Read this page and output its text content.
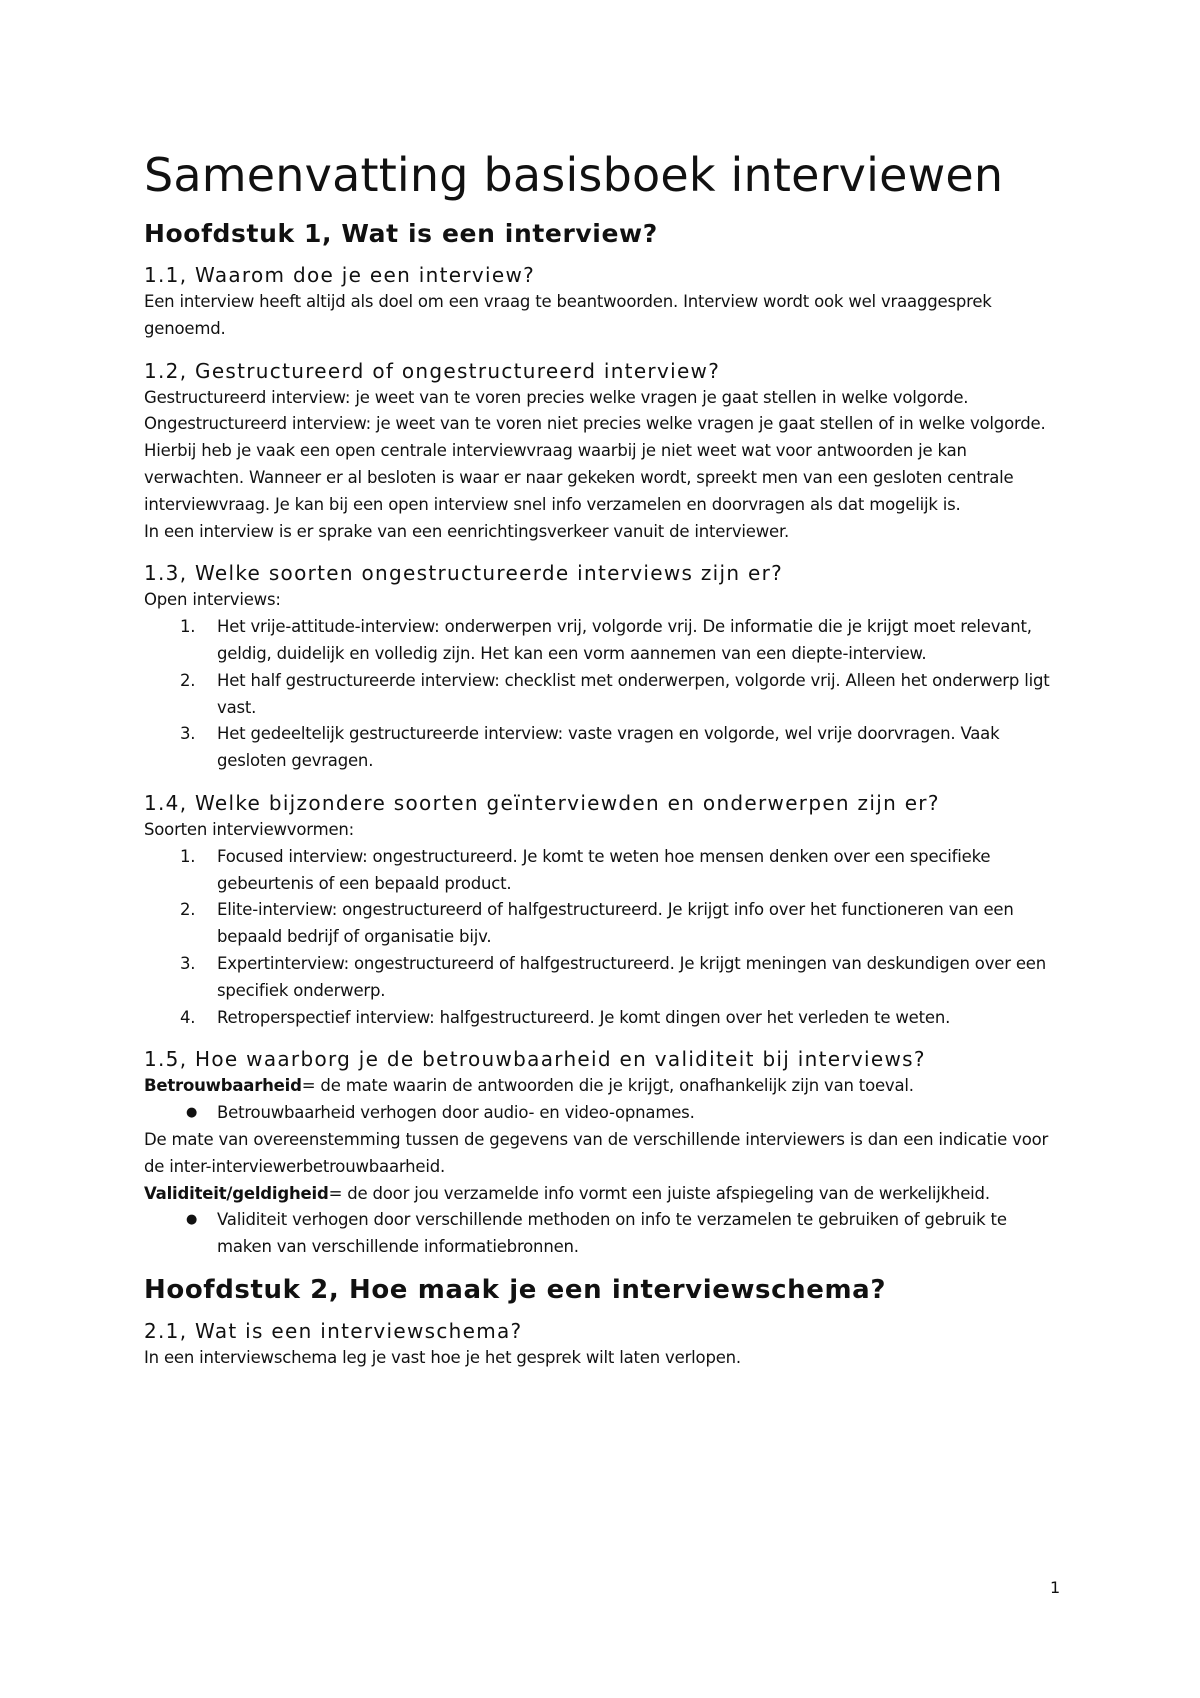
Samenvatting basisboek interviewen
Hoofdstuk 1, Wat is een interview?
1.1, Waarom doe je een interview?

Een interview heeft altijd als doel om een vraag te beantwoorden. Interview wordt ook wel vraaggesprek genoemd.

1.2, Gestructureerd of ongestructureerd interview?

Gestructureerd interview: je weet van te voren precies welke vragen je gaat stellen in welke volgorde.

Ongestructureerd interview: je weet van te voren niet precies welke vragen je gaat stellen of in welke volgorde. Hierbij heb je vaak een open centrale interviewvraag waarbij je niet weet wat voor antwoorden je kan verwachten. Wanneer er al besloten is waar er naar gekeken wordt, spreekt men van een gesloten centrale interviewvraag. Je kan bij een open interview snel info verzamelen en doorvragen als dat mogelijk is.

In een interview is er sprake van een eenrichtingsverkeer vanuit de interviewer.

1.3, Welke soorten ongestructureerde interviews zijn er?

Open interviews:

1. Het vrije-attitude-interview: onderwerpen vrij, volgorde vrij. De informatie die je krijgt moet relevant, geldig, duidelijk en volledig zijn. Het kan een vorm aannemen van een diepte-interview.
2. Het half gestructureerde interview: checklist met onderwerpen, volgorde vrij. Alleen het onderwerp ligt vast.
3. Het gedeeltelijk gestructureerde interview: vaste vragen en volgorde, wel vrije doorvragen. Vaak gesloten gevragen.
1.4, Welke bijzondere soorten geïnterviewden en onderwerpen zijn er?

Soorten interviewvormen:

1. Focused interview: ongestructureerd. Je komt te weten hoe mensen denken over een specifieke gebeurtenis of een bepaald product.
2. Elite-interview: ongestructureerd of halfgestructureerd. Je krijgt info over het functioneren van een bepaald bedrijf of organisatie bijv.
3. Expertinterview: ongestructureerd of halfgestructureerd. Je krijgt meningen van deskundigen over een specifiek onderwerp.
4. Retroperspectief interview: halfgestructureerd. Je komt dingen over het verleden te weten.
1.5, Hoe waarborg je de betrouwbaarheid en validiteit bij interviews?

Betrouwbaarheid= de mate waarin de antwoorden die je krijgt, onafhankelijk zijn van toeval.

● Betrouwbaarheid verhogen door audio- en video-opnames.

De mate van overeenstemming tussen de gegevens van de verschillende interviewers is dan een indicatie voor de inter-interviewerbetrouwbaarheid.

Validiteit/geldigheid= de door jou verzamelde info vormt een juiste afspiegeling van de werkelijkheid.

● Validiteit verhogen door verschillende methoden on info te verzamelen te gebruiken of gebruik te maken van verschillende informatiebronnen.
Hoofdstuk 2, Hoe maak je een interviewschema?
2.1, Wat is een interviewschema?

In een interviewschema leg je vast hoe je het gesprek wilt laten verlopen.

1
